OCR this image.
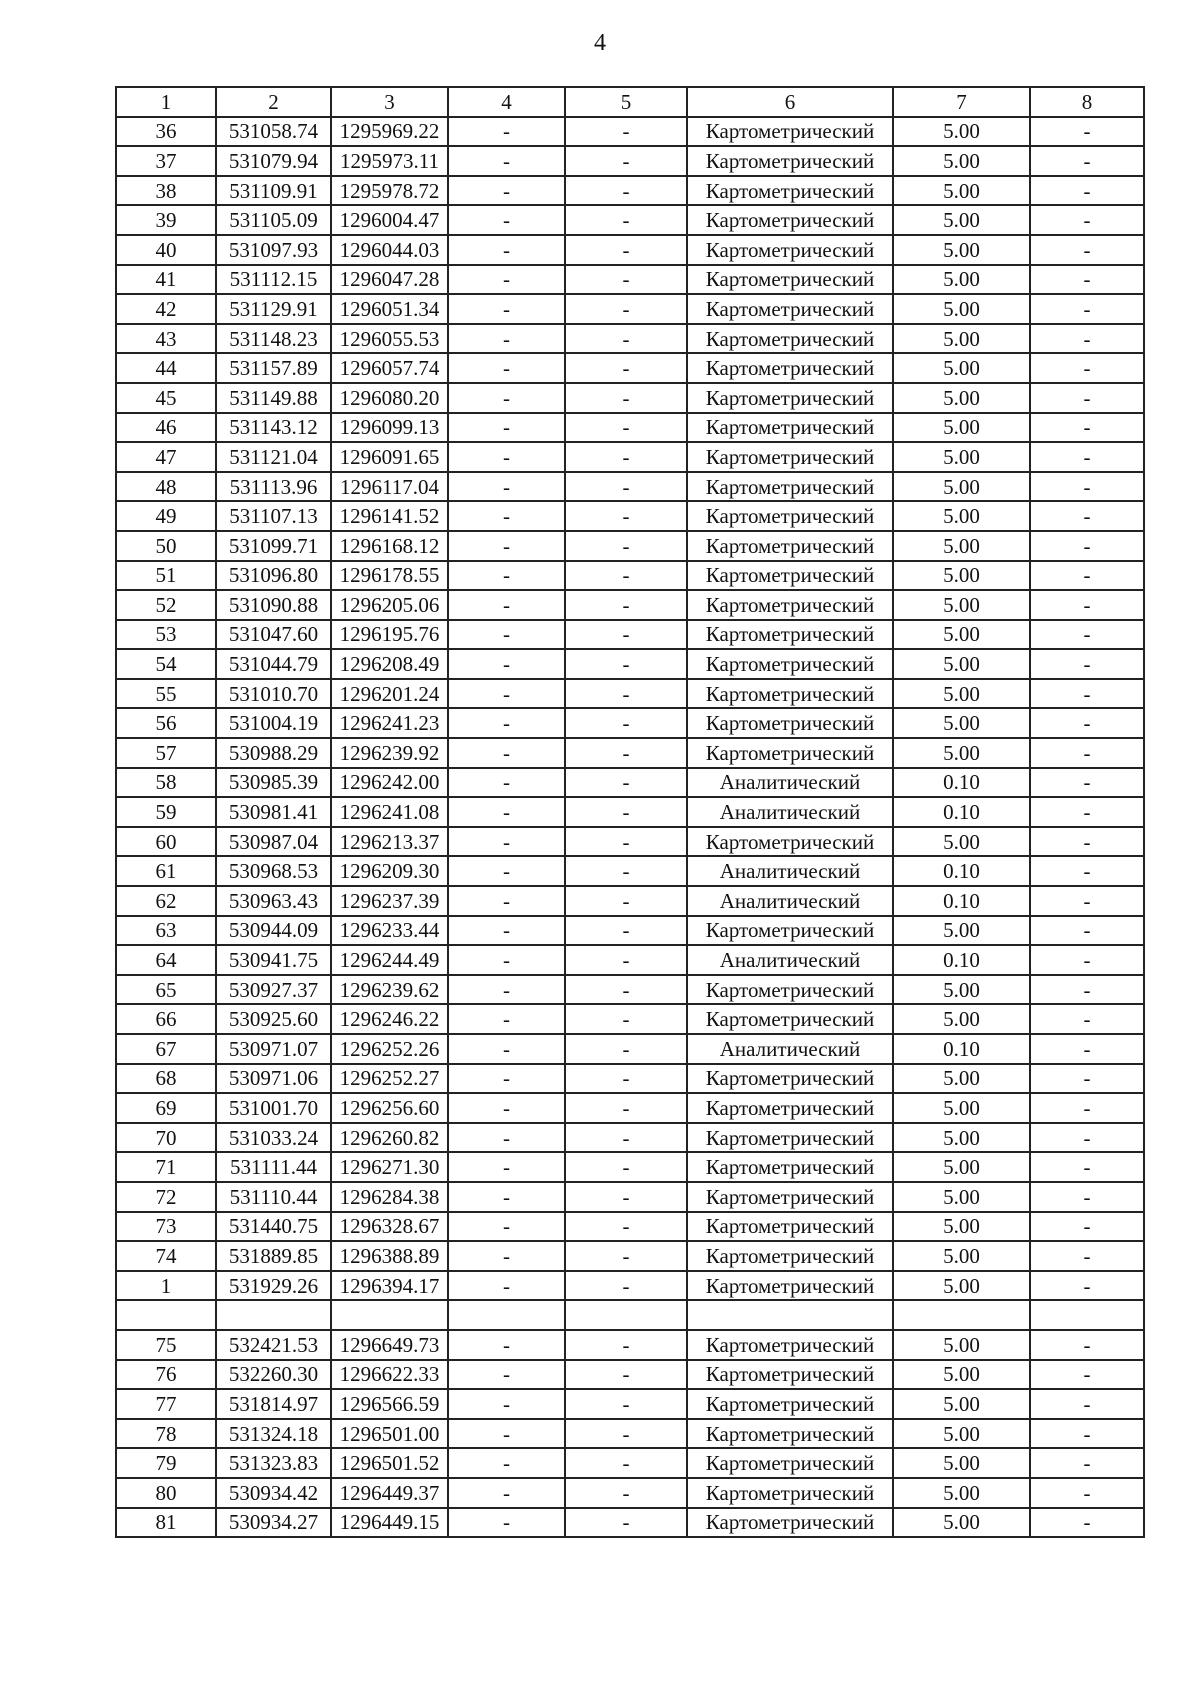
4
1	2	3	4	5	6	7	8
36	531058.74	1295969.22	-	-	Картометрический	5.00	-
37	531079.94	1295973.11	-	-	Картометрический	5.00	-
38	531109.91	1295978.72	-	-	Картометрический	5.00	-
39	531105.09	1296004.47	-	-	Картометрический	5.00	-
40	531097.93	1296044.03	-	-	Картометрический	5.00	-
41	531112.15	1296047.28	-	-	Картометрический	5.00	-
42	531129.91	1296051.34	-	-	Картометрический	5.00	-
43	531148.23	1296055.53	-	-	Картометрический	5.00	-
44	531157.89	1296057.74	-	-	Картометрический	5.00	-
45	531149.88	1296080.20	-	-	Картометрический	5.00	-
46	531143.12	1296099.13	-	-	Картометрический	5.00	-
47	531121.04	1296091.65	-	-	Картометрический	5.00	-
48	531113.96	1296117.04	-	-	Картометрический	5.00	-
49	531107.13	1296141.52	-	-	Картометрический	5.00	-
50	531099.71	1296168.12	-	-	Картометрический	5.00	-
51	531096.80	1296178.55	-	-	Картометрический	5.00	-
52	531090.88	1296205.06	-	-	Картометрический	5.00	-
53	531047.60	1296195.76	-	-	Картометрический	5.00	-
54	531044.79	1296208.49	-	-	Картометрический	5.00	-
55	531010.70	1296201.24	-	-	Картометрический	5.00	-
56	531004.19	1296241.23	-	-	Картометрический	5.00	-
57	530988.29	1296239.92	-	-	Картометрический	5.00	-
58	530985.39	1296242.00	-	-	Аналитический	0.10	-
59	530981.41	1296241.08	-	-	Аналитический	0.10	-
60	530987.04	1296213.37	-	-	Картометрический	5.00	-
61	530968.53	1296209.30	-	-	Аналитический	0.10	-
62	530963.43	1296237.39	-	-	Аналитический	0.10	-
63	530944.09	1296233.44	-	-	Картометрический	5.00	-
64	530941.75	1296244.49	-	-	Аналитический	0.10	-
65	530927.37	1296239.62	-	-	Картометрический	5.00	-
66	530925.60	1296246.22	-	-	Картометрический	5.00	-
67	530971.07	1296252.26	-	-	Аналитический	0.10	-
68	530971.06	1296252.27	-	-	Картометрический	5.00	-
69	531001.70	1296256.60	-	-	Картометрический	5.00	-
70	531033.24	1296260.82	-	-	Картометрический	5.00	-
71	531111.44	1296271.30	-	-	Картометрический	5.00	-
72	531110.44	1296284.38	-	-	Картометрический	5.00	-
73	531440.75	1296328.67	-	-	Картометрический	5.00	-
74	531889.85	1296388.89	-	-	Картометрический	5.00	-
1	531929.26	1296394.17	-	-	Картометрический	5.00	-

75	532421.53	1296649.73	-	-	Картометрический	5.00	-
76	532260.30	1296622.33	-	-	Картометрический	5.00	-
77	531814.97	1296566.59	-	-	Картометрический	5.00	-
78	531324.18	1296501.00	-	-	Картометрический	5.00	-
79	531323.83	1296501.52	-	-	Картометрический	5.00	-
80	530934.42	1296449.37	-	-	Картометрический	5.00	-
81	530934.27	1296449.15	-	-	Картометрический	5.00	-
